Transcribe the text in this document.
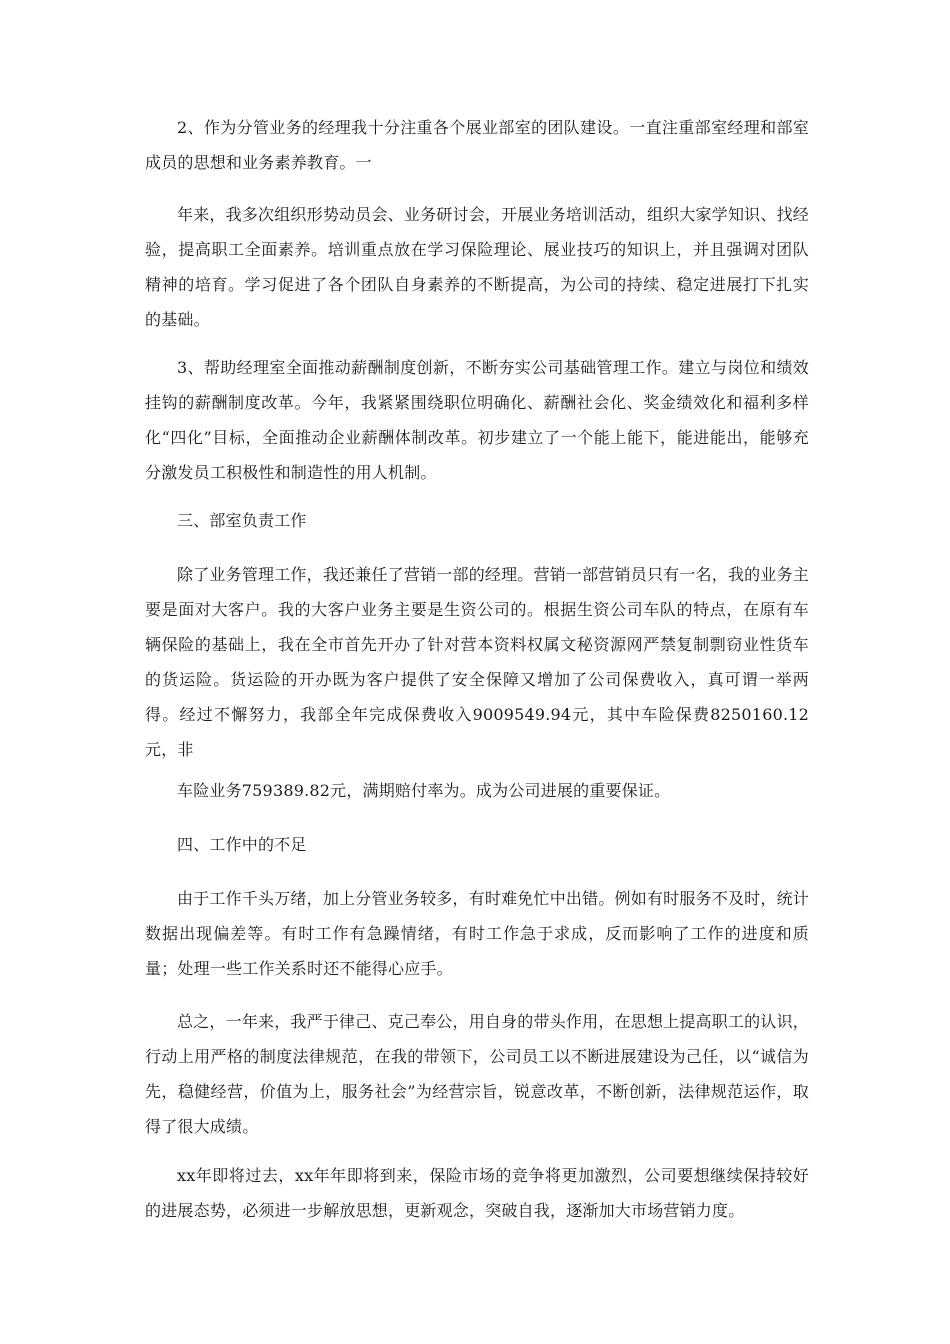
2、作为分管业务的经理我十分注重各个展业部室的团队建设。一直注重部室经理和部室成员的思想和业务素养教育。一

年来，我多次组织形势动员会、业务研讨会，开展业务培训活动，组织大家学知识、找经验，提高职工全面素养。培训重点放在学习保险理论、展业技巧的知识上，并且强调对团队精神的培育。学习促进了各个团队自身素养的不断提高，为公司的持续、稳定进展打下扎实的基础。

3、帮助经理室全面推动薪酬制度创新，不断夯实公司基础管理工作。建立与岗位和绩效挂钩的薪酬制度改革。今年，我紧紧围绕职位明确化、薪酬社会化、奖金绩效化和福利多样化“四化”目标，全面推动企业薪酬体制改革。初步建立了一个能上能下，能进能出，能够充分激发员工积极性和制造性的用人机制。

三、部室负责工作

除了业务管理工作，我还兼任了营销一部的经理。营销一部营销员只有一名，我的业务主要是面对大客户。我的大客户业务主要是生资公司的。根据生资公司车队的特点，在原有车辆保险的基础上，我在全市首先开办了针对营本资料权属文秘资源网严禁复制剽窃业性货车的货运险。货运险的开办既为客户提供了安全保障又增加了公司保费收入，真可谓一举两得。经过不懈努力，我部全年完成保费收入9009549.94元，其中车险保费8250160.12元，非

车险业务759389.82元，满期赔付率为。成为公司进展的重要保证。

四、工作中的不足

由于工作千头万绪，加上分管业务较多，有时难免忙中出错。例如有时服务不及时，统计数据出现偏差等。有时工作有急躁情绪，有时工作急于求成，反而影响了工作的进度和质量；处理一些工作关系时还不能得心应手。

总之，一年来，我严于律己、克己奉公，用自身的带头作用，在思想上提高职工的认识，行动上用严格的制度法律规范，在我的带领下，公司员工以不断进展建设为己任，以“诚信为先，稳健经营，价值为上，服务社会”为经营宗旨，锐意改革，不断创新，法律规范运作，取得了很大成绩。

xx年即将过去，xx年年即将到来，保险市场的竞争将更加激烈，公司要想继续保持较好的进展态势，必须进一步解放思想，更新观念，突破自我，逐渐加大市场营销力度。
